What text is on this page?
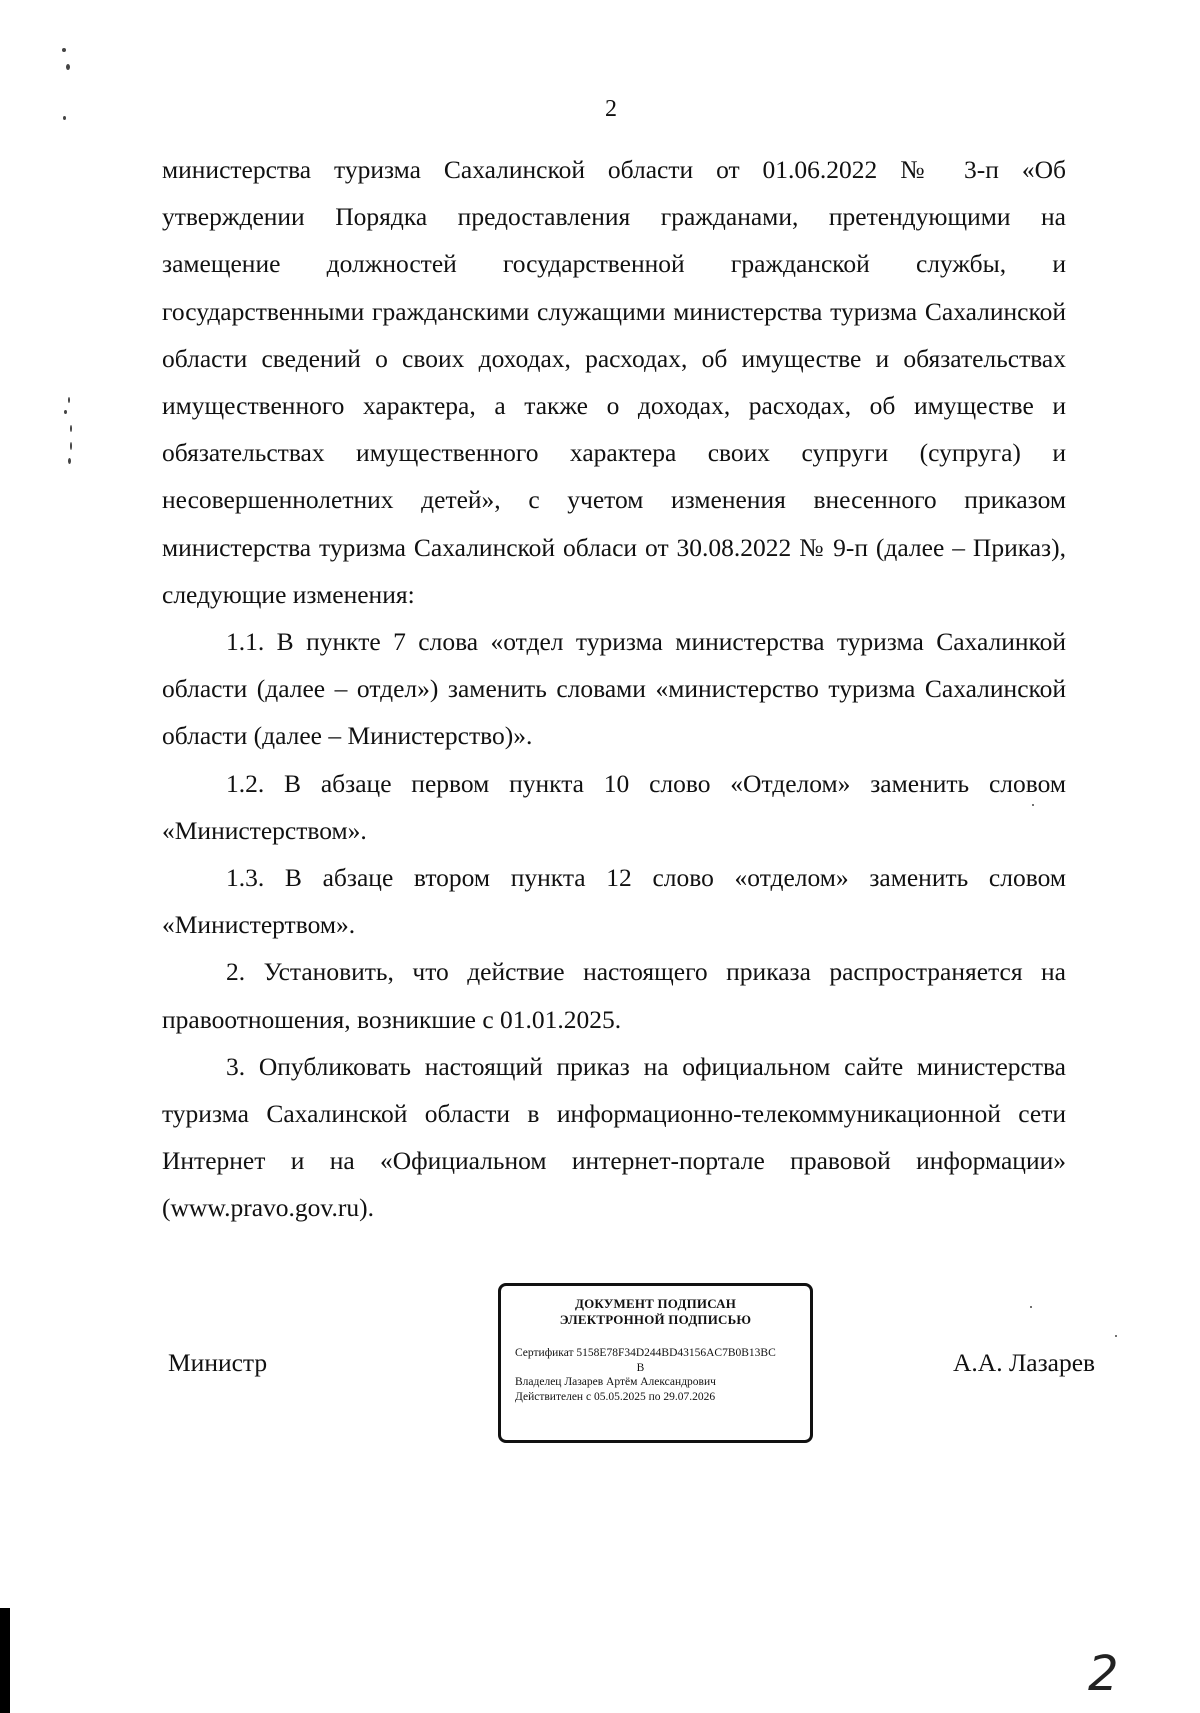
2

министерства туризма Сахалинской области от 01.06.2022 № 3-п «Об утверждении Порядка предоставления гражданами, претендующими на замещение должностей государственной гражданской службы, и государственными гражданскими служащими министерства туризма Сахалинской области сведений о своих доходах, расходах, об имуществе и обязательствах имущественного характера, а также о доходах, расходах, об имуществе и обязательствах имущественного характера своих супруги (супруга) и несовершеннолетних детей», с учетом изменения внесенного приказом министерства туризма Сахалинской облаcи от 30.08.2022 № 9-п (далее – Приказ), следующие изменения:

1.1. В пункте 7 слова «отдел туризма министерства туризма Сахалинкой области (далее – отдел») заменить словами «министерство туризма Сахалинской области (далее – Министерство)».

1.2. В абзаце первом пункта 10 слово «Отделом» заменить словом «Министерством».

1.3. В абзаце втором пункта 12 слово «отделом» заменить словом «Министертвом».

2. Установить, что действие настоящего приказа распространяется на правоотношения, возникшие с 01.01.2025.

3. Опубликовать настоящий приказ на официальном сайте министерства туризма Сахалинской области в информационно-телекоммуникационной сети Интернет и на «Официальном интернет-портале правовой информации» (www.pravo.gov.ru).

Министр
ДОКУМЕНТ ПОДПИСАН
ЭЛЕКТРОННОЙ ПОДПИСЬЮ
Сертификат 5158E78F34D244BD43156AC7B0B13BC
B
Владелец Лазарев Артём Александрович
Действителен с 05.05.2025 по 29.07.2026
А.А. Лазарев
2
